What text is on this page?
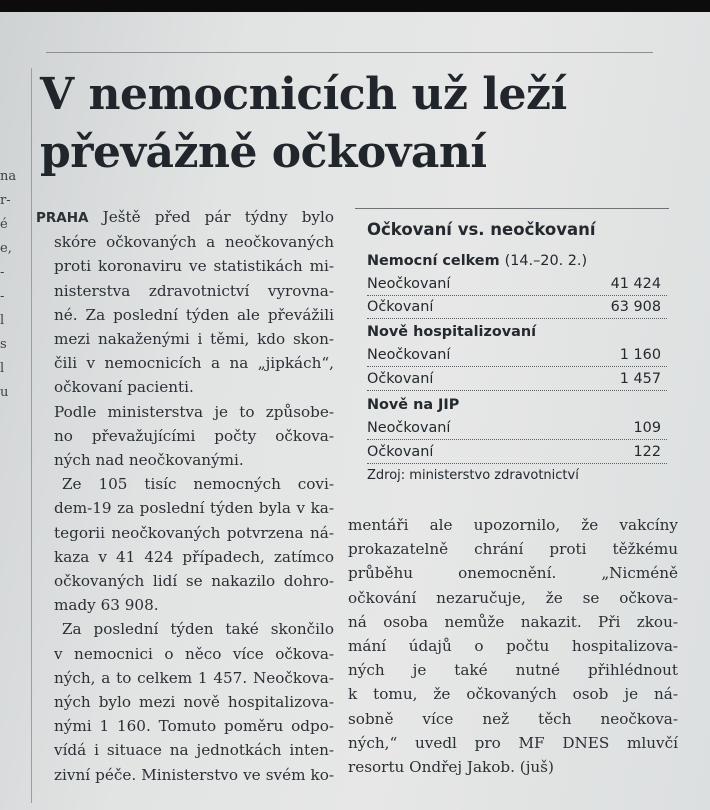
na
r-
é
e,
-
-
l
s
l
u
V nemocnicích už leží
převážně očkovaní
PRAHA Ještě před pár týdny bylo
skóre očkovaných a neočkovaných
proti koronaviru ve statistikách mi-
nisterstva zdravotnictví vyrovna-
né. Za poslední týden ale převážili
mezi nakaženými i těmi, kdo skon-
čili v nemocnicích a na „jipkách“,
očkovaní pacienti.
Podle ministerstva je to způsobe-
no převažujícími počty očkova-
ných nad neočkovanými.
Ze 105 tisíc nemocných covi-
dem-19 za poslední týden byla v ka-
tegorii neočkovaných potvrzena ná-
kaza v 41 424 případech, zatímco
očkovaných lidí se nakazilo dohro-
mady 63 908.
Za poslední týden také skončilo
v nemocnici o něco více očkova-
ných, a to celkem 1 457. Neočkova-
ných bylo mezi nově hospitalizova-
nými 1 160. Tomuto poměru odpo-
vídá i situace na jednotkách inten-
zivní péče. Ministerstvo ve svém ko-
mentáři ale upozornilo, že vakcíny
prokazatelně chrání proti těžkému
průběhu onemocnění. „Nicméně
očkování nezaručuje, že se očkova-
ná osoba nemůže nakazit. Při zkou-
mání údajů o počtu hospitalizova-
ných je také nutné přihlédnout
k tomu, že očkovaných osob je ná-
sobně více než těch neočkova-
ných,“ uvedl pro MF DNES mluvčí
resortu Ondřej Jakob. (juš)
Očkovaní vs. neočkovaní
Nemocní celkem (14.–20. 2.)
Neočkovaní	41 424
Očkovaní	63 908
Nově hospitalizovaní
Neočkovaní	1 160
Očkovaní	1 457
Nově na JIP
Neočkovaní	109
Očkovaní	122
Zdroj: ministerstvo zdravotnictví
